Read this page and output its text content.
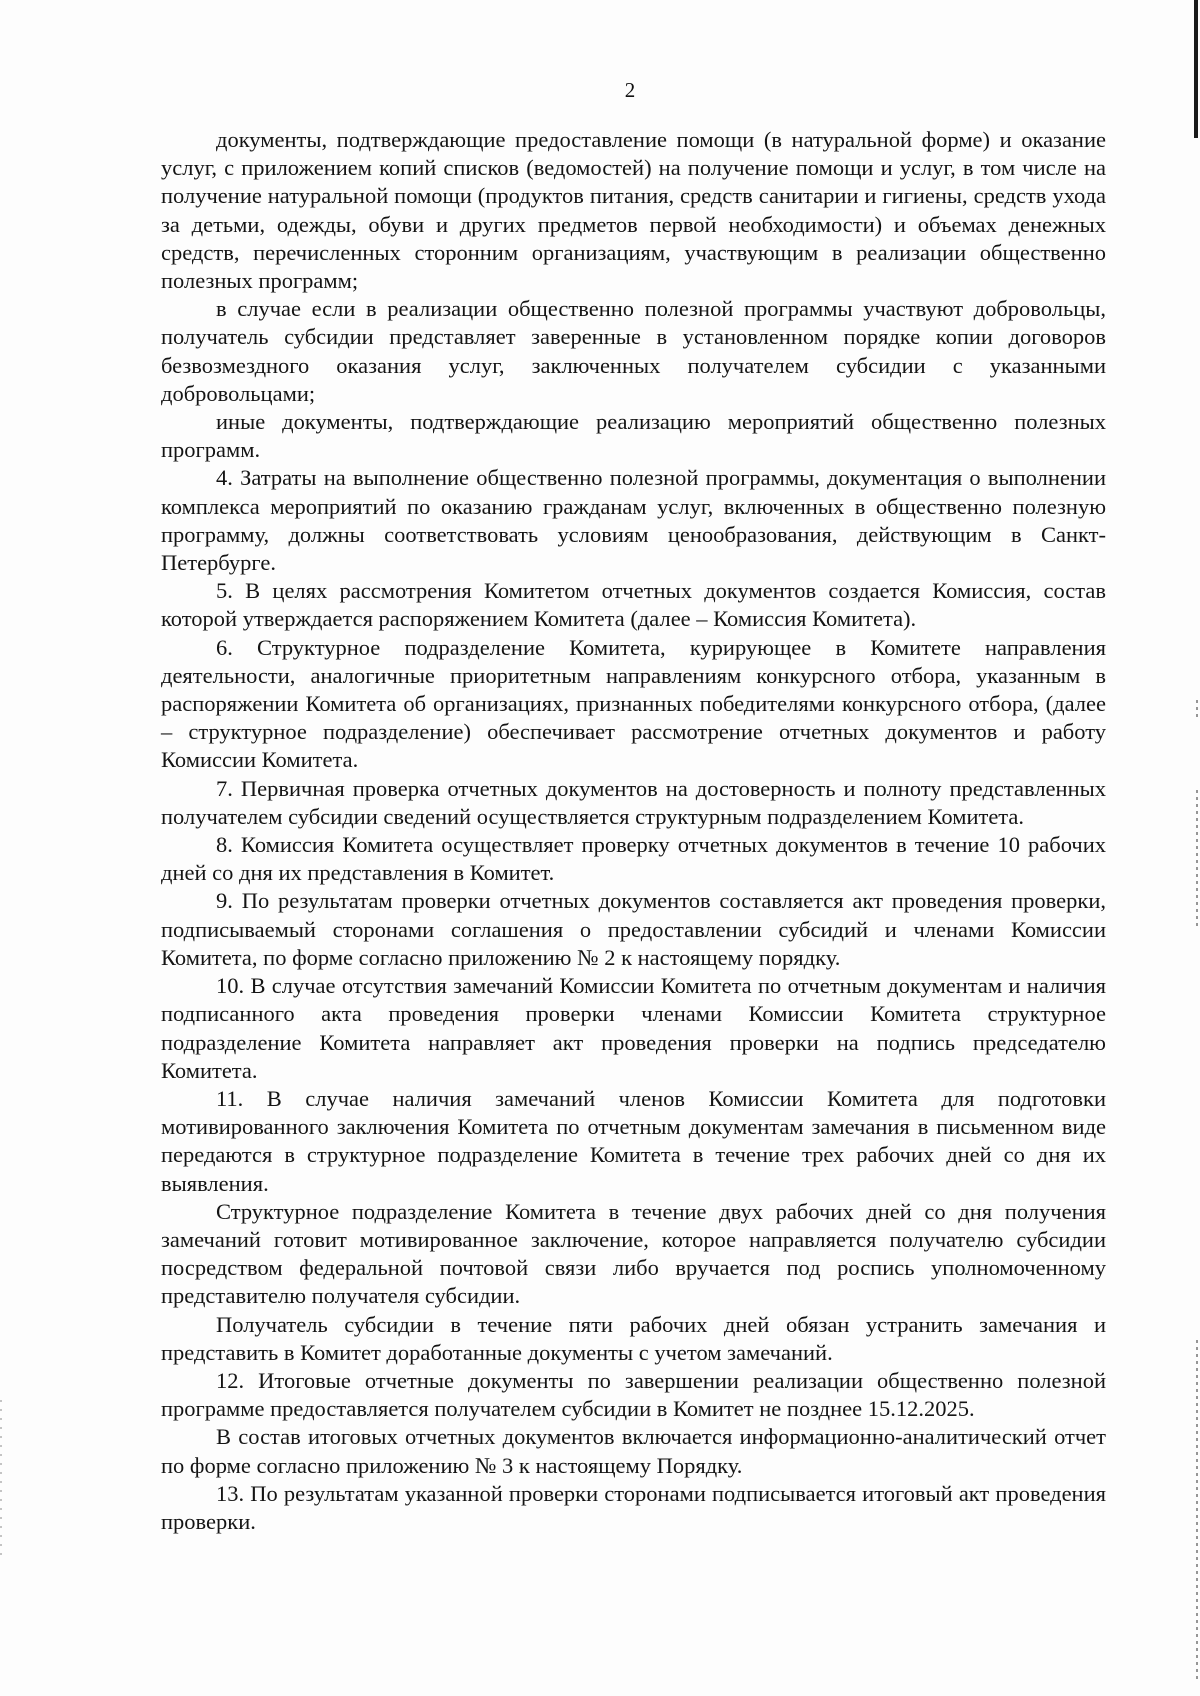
2

документы, подтверждающие предоставление помощи (в натуральной форме) и оказание услуг, с приложением копий списков (ведомостей) на получение помощи и услуг, в том числе на получение натуральной помощи (продуктов питания, средств санитарии и гигиены, средств ухода за детьми, одежды, обуви и других предметов первой необходимости) и объемах денежных средств, перечисленных сторонним организациям, участвующим в реализации общественно полезных программ;

в случае если в реализации общественно полезной программы участвуют добровольцы, получатель субсидии представляет заверенные в установленном порядке копии договоров безвозмездного оказания услуг, заключенных получателем субсидии с указанными добровольцами;

иные документы, подтверждающие реализацию мероприятий общественно полезных программ.

4. Затраты на выполнение общественно полезной программы, документация о выполнении комплекса мероприятий по оказанию гражданам услуг, включенных в общественно полезную программу, должны соответствовать условиям ценообразования, действующим в Санкт-Петербурге.

5. В целях рассмотрения Комитетом отчетных документов создается Комиссия, состав которой утверждается распоряжением Комитета (далее – Комиссия Комитета).

6. Структурное подразделение Комитета, курирующее в Комитете направления деятельности, аналогичные приоритетным направлениям конкурсного отбора, указанным в распоряжении Комитета об организациях, признанных победителями конкурсного отбора, (далее – структурное подразделение) обеспечивает рассмотрение отчетных документов и работу Комиссии Комитета.

7. Первичная проверка отчетных документов на достоверность и полноту представленных получателем субсидии сведений осуществляется структурным подразделением Комитета.

8. Комиссия Комитета осуществляет проверку отчетных документов в течение 10 рабочих дней со дня их представления в Комитет.

9. По результатам проверки отчетных документов составляется акт проведения проверки, подписываемый сторонами соглашения о предоставлении субсидий и членами Комиссии Комитета, по форме согласно приложению № 2 к настоящему порядку.

10. В случае отсутствия замечаний Комиссии Комитета по отчетным документам и наличия подписанного акта проведения проверки членами Комиссии Комитета структурное подразделение Комитета направляет акт проведения проверки на подпись председателю Комитета.

11. В случае наличия замечаний членов Комиссии Комитета для подготовки мотивированного заключения Комитета по отчетным документам замечания в письменном виде передаются в структурное подразделение Комитета в течение трех рабочих дней со дня их выявления.

Структурное подразделение Комитета в течение двух рабочих дней со дня получения замечаний готовит мотивированное заключение, которое направляется получателю субсидии посредством федеральной почтовой связи либо вручается под роспись уполномоченному представителю получателя субсидии.

Получатель субсидии в течение пяти рабочих дней обязан устранить замечания и представить в Комитет доработанные документы с учетом замечаний.

12. Итоговые отчетные документы по завершении реализации общественно полезной программе предоставляется получателем субсидии в Комитет не позднее 15.12.2025.

В состав итоговых отчетных документов включается информационно-аналитический отчет по форме согласно приложению № 3 к настоящему Порядку.

13. По результатам указанной проверки сторонами подписывается итоговый акт проведения проверки.
